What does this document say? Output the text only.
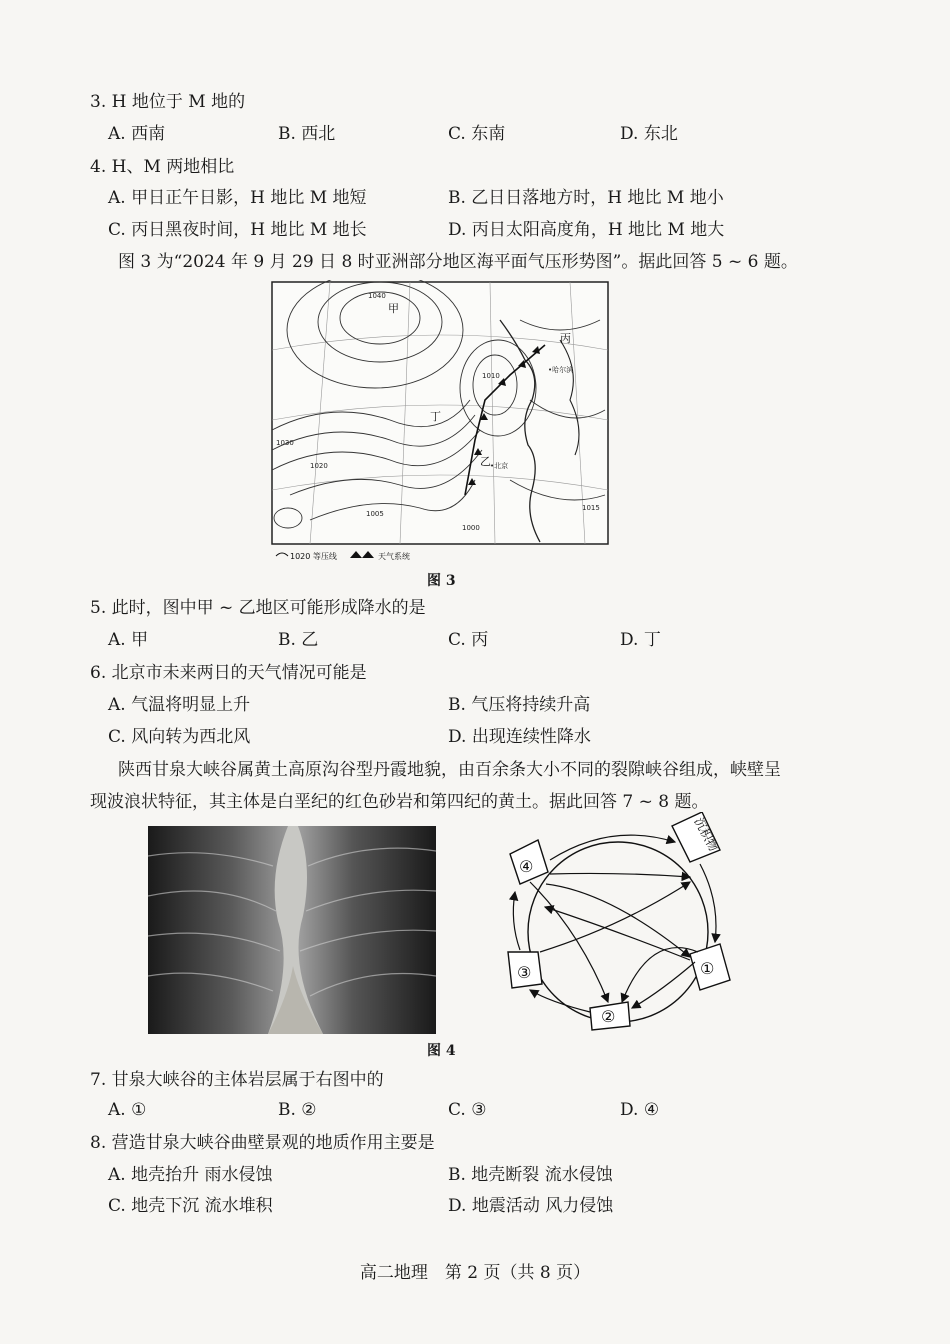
3. H 地位于 M 地的
A. 西南	B. 西北	C. 东南	D. 东北
4. H、M 两地相比
A. 甲日正午日影，H 地比 M 地短	B. 乙日日落地方时，H 地比 M 地小
C. 丙日黑夜时间，H 地比 M 地长	D. 丙日太阳高度角，H 地比 M 地大
图 3 为“2024 年 9 月 29 日 8 时亚洲部分地区海平面气压形势图”。据此回答 5 ~ 6 题。
甲
乙
丙
丁
1040
1030
1020
1010
1005
1000
1015
•北京
•哈尔滨
1020 等压线	天气系统
图 3
5. 此时，图中甲 ~ 乙地区可能形成降水的是
A. 甲	B. 乙	C. 丙	D. 丁
6. 北京市未来两日的天气情况可能是
A. 气温将明显上升	B. 气压将持续升高
C. 风向转为西北风	D. 出现连续性降水
陕西甘泉大峡谷属黄土高原沟谷型丹霞地貌，由百余条大小不同的裂隙峡谷组成，峡壁呈
现波浪状特征，其主体是白垩纪的红色砂岩和第四纪的黄土。据此回答 7 ~ 8 题。
④
③	①
②
沉积物
图 4
7. 甘泉大峡谷的主体岩层属于右图中的
A. ①	B. ②	C. ③	D. ④
8. 营造甘泉大峡谷曲壁景观的地质作用主要是
A. 地壳抬升 雨水侵蚀	B. 地壳断裂 流水侵蚀
C. 地壳下沉 流水堆积	D. 地震活动 风力侵蚀
高二地理　第 2 页（共 8 页）
